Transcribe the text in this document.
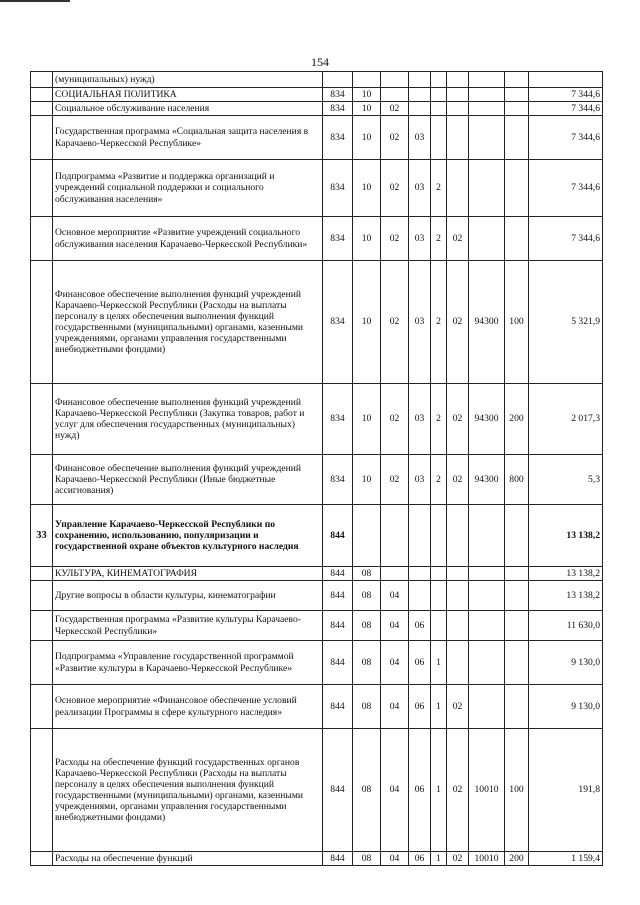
154
	(муниципальных) нужд)									
	СОЦИАЛЬНАЯ ПОЛИТИКА	834	10							7 344,6
	Социальное обслуживание населения	834	10	02						7 344,6
	Государственная программа «Социальная защита населения в Карачаево-Черкесской Республике»	834	10	02	03					7 344,6
	Подпрограмма «Развитие и поддержка организаций и учреждений социальной поддержки и социального обслуживания населения»	834	10	02	03	2				7 344,6
	Основное мероприятие «Развитие учреждений социального обслуживания населения Карачаево-Черкесской Республики»	834	10	02	03	2	02			7 344,6
	Финансовое обеспечение выполнения функций учреждений Карачаево-Черкесской Республики (Расходы на выплаты персоналу в целях обеспечения выполнения функций государственными (муниципальными) органами, казенными учреждениями, органами управления государственными внебюджетными фондами)	834	10	02	03	2	02	94300	100	5 321,9
	Финансовое обеспечение выполнения функций учреждений Карачаево-Черкесской Республики (Закупка товаров, работ и услуг для обеспечения государственных (муниципальных) нужд)	834	10	02	03	2	02	94300	200	2 017,3
	Финансовое обеспечение выполнения функций учреждений Карачаево-Черкесской Республики (Иные бюджетные ассигнования)	834	10	02	03	2	02	94300	800	5,3
33	Управление Карачаево-Черкесской Республики по сохранению, использованию, популяризации и государственной охране объектов культурного наследия	844								13 138,2
	КУЛЬТУРА, КИНЕМАТОГРАФИЯ	844	08							13 138,2
	Другие вопросы в области культуры, кинематографии	844	08	04						13 138,2
	Государственная программа «Развитие культуры Карачаево-Черкесской Республики»	844	08	04	06					11 630,0
	Подпрограмма «Управление государственной программой «Развитие культуры в Карачаево-Черкесской Республике»	844	08	04	06	1				9 130,0
	Основное мероприятие «Финансовое обеспечение условий реализации Программы в сфере культурного наследия»	844	08	04	06	1	02			9 130,0
	Расходы на обеспечение функций государственных органов Карачаево-Черкесской Республики (Расходы на выплаты персоналу в целях обеспечения выполнения функций государственными (муниципальными) органами, казенными учреждениями, органами управления государственными внебюджетными фондами)	844	08	04	06	1	02	10010	100	191,8
	Расходы на обеспечение функций	844	08	04	06	1	02	10010	200	1 159,4
